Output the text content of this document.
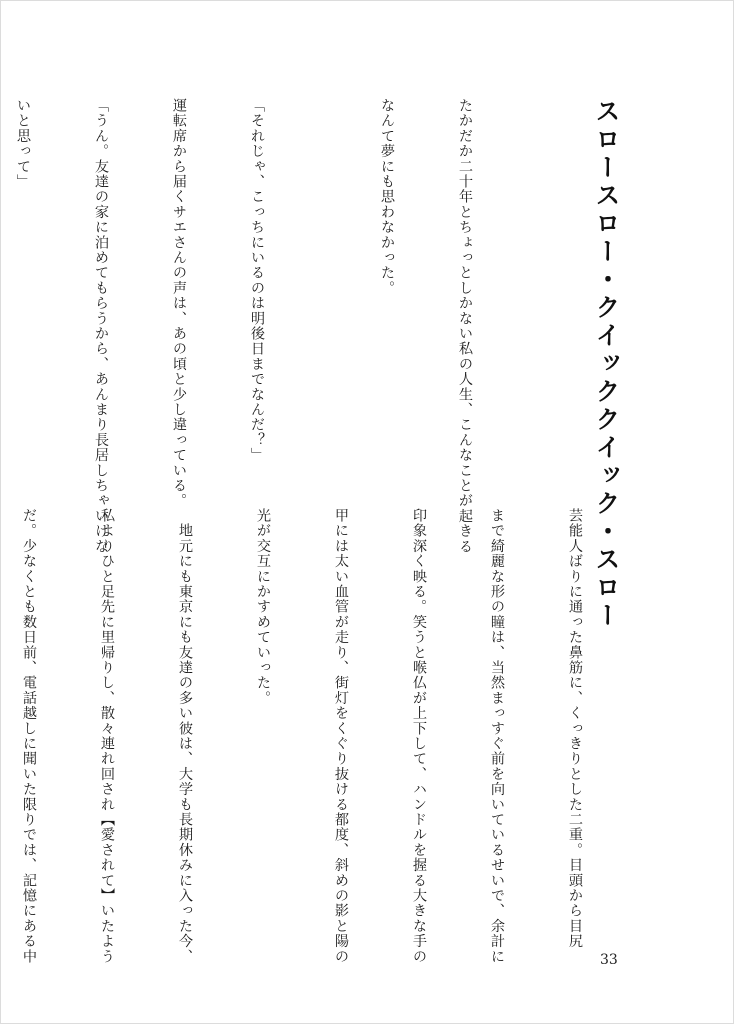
スロースロー・クイッククイック・スロー

たかだか二十年とちょっとしかない私の人生、こんなことが起きる

なんて夢にも思わなかった。

「それじゃ、こっちにいるのは明後日までなんだ？」

運転席から届くサエさんの声は、あの頃と少し違っている。

「うん。友達の家に泊めてもらうから、あんまり長居しちゃいけな

いと思って」

芸能人ばりに通った鼻筋に、くっきりとした二重。目頭から目尻

まで綺麗な形の瞳は、当然まっすぐ前を向いているせいで、余計に

印象深く映る。笑うと喉仏が上下して、ハンドルを握る大きな手の

甲には太い血管が走り、街灯をくぐり抜ける都度、斜めの影と陽の

光が交互にかすめていった。

　地元にも東京にも友達の多い彼は、大学も長期休みに入った今、

私よりひと足先に里帰りし、散々連れ回され【愛されて】いたよう

だ。少なくとも数日前、電話越しに聞いた限りでは、記憶にある中

	33
